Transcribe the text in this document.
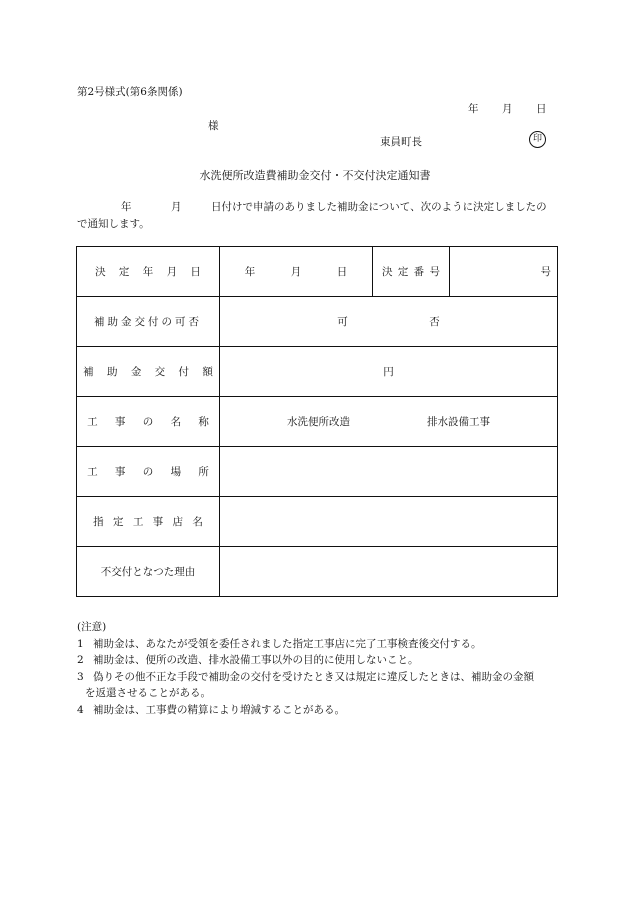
第2号様式(第6条関係)
年 月 日
様
東員町長	印
水洗便所改造費補助金交付・不交付決定通知書
年	月	日付けで申請のありました補助金について、次のように決定しましたの
で通知します。
決 定 年 月 日	年 月 日	決 定 番 号	号
補助金交付の可否	可 否		
補 助 金 交 付 額	円		
工 事 の 名 称	水洗便所改造 排水設備工事		
工 事 の 場 所			
指 定 工 事 店 名			
不交付となつた理由			
(注意)
1 補助金は、あなたが受領を委任されました指定工事店に完了工事検査後交付する。
2 補助金は、便所の改造、排水設備工事以外の目的に使用しないこと。
3 偽りその他不正な手段で補助金の交付を受けたとき又は規定に違反したときは、補助金の金額
を返還させることがある。
4 補助金は、工事費の精算により増減することがある。
